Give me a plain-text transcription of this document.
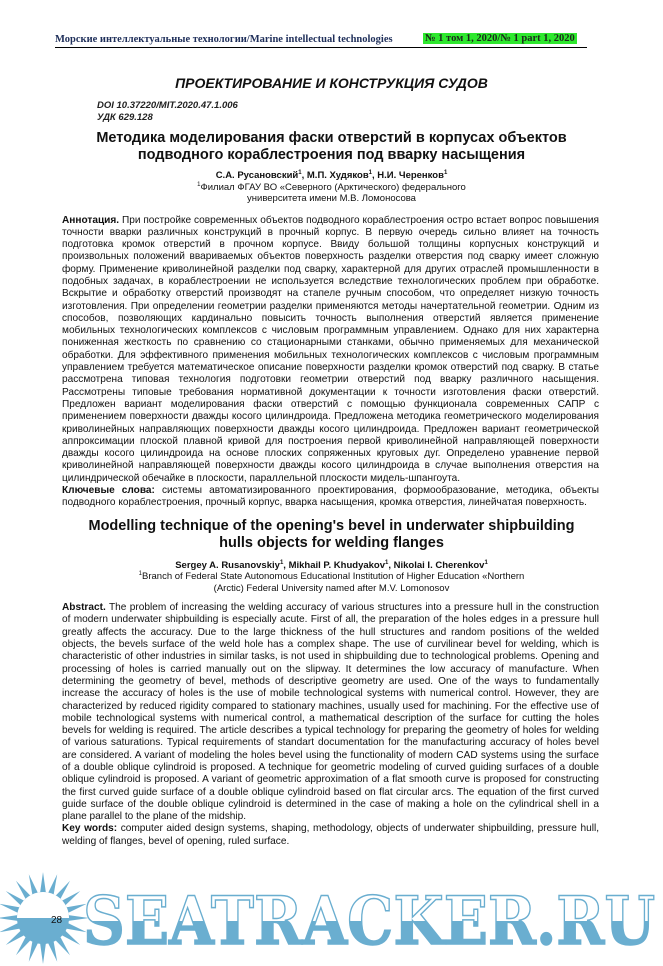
Морские интеллектуальные технологии/Marine intellectual technologies	№ 1 том 1, 2020/№ 1 part 1, 2020
ПРОЕКТИРОВАНИЕ И КОНСТРУКЦИЯ СУДОВ
DOI 10.37220/MIT.2020.47.1.006
УДК 629.128
Методика моделирования фаски отверстий в корпусах объектов подводного кораблестроения под вварку насыщения
С.А. Русановский$^1$, М.П. Худяков$^1$, Н.И. Черенков$^1$
$^1$Филиал ФГАУ ВО «Северного (Арктического) федерального университета имени М.В. Ломоносова
Аннотация. При постройке современных объектов подводного кораблестроения остро встает вопрос повышения точности вварки различных конструкций в прочный корпус. В первую очередь сильно влияет на точность подготовка кромок отверстий в прочном корпусе. Ввиду большой толщины корпусных конструкций и произвольных положений ввариваемых объектов поверхность разделки отверстия под сварку имеет сложную форму. Применение криволинейной разделки под сварку, характерной для других отраслей промышленности в подобных задачах, в кораблестроении не используется вследствие технологических проблем при обработке. Вскрытие и обработку отверстий производят на стапеле ручным способом, что определяет низкую точность изготовления. При определении геометрии разделки применяются методы начертательной геометрии. Одним из способов, позволяющих кардинально повысить точность выполнения отверстий является применение мобильных технологических комплексов с числовым программным управлением. Однако для них характерна пониженная жесткость по сравнению со стационарными станками, обычно применяемых для механической обработки. Для эффективного применения мобильных технологических комплексов с числовым программным управлением требуется математическое описание поверхности разделки кромок отверстий под сварку. В статье рассмотрена типовая технология подготовки геометрии отверстий под вварку различного насыщения. Рассмотрены типовые требования нормативной документации к точности изготовления фаски отверстий. Предложен вариант моделирования фаски отверстий с помощью функционала современных САПР с применением поверхности дважды косого цилиндроида. Предложена методика геометрического моделирования криволинейных направляющих поверхности дважды косого цилиндроида. Предложен вариант геометрической аппроксимации плоской плавной кривой для построения первой криволинейной направляющей поверхности дважды косого цилиндроида на основе плоских сопряженных круговых дуг. Определено уравнение первой криволинейной направляющей поверхности дважды косого цилиндроида в случае выполнения отверстия на цилиндрической обечайке в плоскости, параллельной плоскости мидель-шпангоута.
Ключевые слова: системы автоматизированного проектирования, формообразование, методика, объекты подводного кораблестроения, прочный корпус, вварка насыщения, кромка отверстия, линейчатая поверхность.
Modelling technique of the opening's bevel in underwater shipbuilding hulls objects for welding flanges
Sergey A. Rusanovskiy$^1$, Mikhail P. Khudyakov$^1$, Nikolai I. Cherenkov$^1$
$^1$Branch of Federal State Autonomous Educational Institution of Higher Education «Northern (Arctic) Federal University named after M.V. Lomonosov
Abstract. The problem of increasing the welding accuracy of various structures into a pressure hull in the construction of modern underwater shipbuilding is especially acute. First of all, the preparation of the holes edges in a pressure hull greatly affects the accuracy. Due to the large thickness of the hull structures and random positions of the welded objects, the bevels surface of the weld hole has a complex shape. The use of curvilinear bevel for welding, which is characteristic of other industries in similar tasks, is not used in shipbuilding due to technological problems. Opening and processing of holes is carried manually out on the slipway. It determines the low accuracy of manufacture. When determining the geometry of bevel, methods of descriptive geometry are used. One of the ways to fundamentally increase the accuracy of holes is the use of mobile technological systems with numerical control. However, they are characterized by reduced rigidity compared to stationary machines, usually used for machining. For the effective use of mobile technological systems with numerical control, a mathematical description of the surface for cutting the holes bevels for welding is required. The article describes a typical technology for preparing the geometry of holes for welding of various saturations. Typical requirements of standart documentation for the manufacturing accuracy of holes bevel are considered. A variant of modeling the holes bevel using the functionality of modern CAD systems using the surface of a double oblique cylindroid is proposed. A technique for geometric modeling of curved guiding surfaces of a double oblique cylindroid is proposed. A variant of geometric approximation of a flat smooth curve is proposed for constructing the first curved guide surface of a double oblique cylindroid based on flat circular arcs. The equation of the first curved guide surface of the double oblique cylindroid is determined in the case of making a hole on the cylindrical shell in a plane parallel to the plane of the midship.
Key words: computer aided design systems, shaping, methodology, objects of underwater shipbuilding, pressure hull, welding of flanges, bevel of opening, ruled surface.
28 SEATRACKER.RU
